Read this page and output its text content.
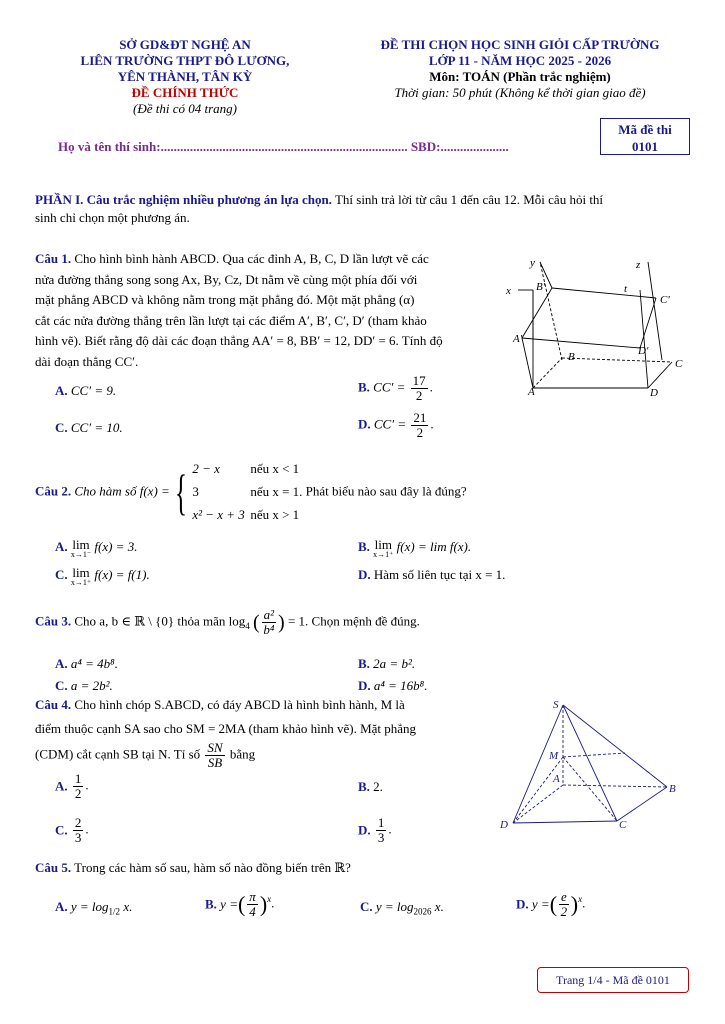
SỞ GD&ĐT NGHỆ AN
LIÊN TRƯỜNG THPT ĐÔ LƯƠNG,
YÊN THÀNH, TÂN KỲ
ĐỀ CHÍNH THỨC
(Đề thi có 04 trang)
ĐỀ THI CHỌN HỌC SINH GIỎI CẤP TRƯỜNG
LỚP 11 - NĂM HỌC 2025 - 2026
Môn: TOÁN (Phần trắc nghiệm)
Thời gian: 50 phút (Không kể thời gian giao đề)
Họ và tên thí sinh:............................................................................ SBD:.....................
Mã đề thi
0101
PHẦN I. Câu trắc nghiệm nhiều phương án lựa chọn. Thí sinh trả lời từ câu 1 đến câu 12. Mỗi câu hỏi thí
sinh chỉ chọn một phương án.
Câu 1. Cho hình bình hành ABCD. Qua các đỉnh A, B, C, D lần lượt vẽ các
nửa đường thẳng song song Ax, By, Cz, Dt nằm về cùng một phía đối với
mặt phẳng ABCD và không nằm trong mặt phẳng đó. Một mặt phẳng (α)
cắt các nửa đường thẳng trên lần lượt tại các điểm A′, B′, C′, D′ (tham khảo
hình vẽ). Biết rằng độ dài các đoạn thẳng AA′ = 8, BB′ = 12, DD′ = 6. Tính độ
dài đoạn thẳng CC′.
A. CC′ = 9.	B. $CC' = \frac{17}{2}$ .
C. CC′ = 10.	D. $CC' = \frac{21}{2}$ .
y	z
x	t
B′
C′
A′
D′
B
C
A	D
Câu 2. Cho hàm số f(x) = { 2 − x nếu x < 1
3	nếu x = 1.
x² − x + 3 nếu x > 1
Phát biểu nào sau đây là đúng?
A. lim
x→1⁻
f(x) = 3.	B. lim
x→1⁺
f(x) = lim f(x).
C. lim
x→1⁺
f(x) = f(1).	D. Hàm số liên tục tại x = 1.
Câu 3. Cho a, b ∈ ℝ \ {0} thỏa mãn $\log_4$ ( $\frac{\text{a²}}{\text{b⁴}}$ ) = 1. Chọn mệnh đề đúng.
A. a⁴ = 4b⁸.	B. 2a = b².
C. a = 2b².	D. a⁴ = 16b⁸.
Câu 4. Cho hình chóp S.ABCD, có đáy ABCD là hình bình hành, M là
điểm thuộc cạnh SA sao cho SM = 2MA (tham khảo hình vẽ). Mặt phẳng
(CDM) cắt cạnh SB tại N. Tỉ số $\frac{SN}{SB}$ bằng
A. $\frac{1}{2}$ .	B. 2.
C. $\frac{2}{3}$ .	D. $\frac{1}{3}$ .
S
M
A
B
D	C
Câu 5. Trong các hàm số sau, hàm số nào đồng biến trên ℝ?
A. $y = \log_{1/2} x$.	B. y =( $\frac{\pi}{4} )^x$.	C. $y = \log_{2026} x$.	D. y =( $\frac{e}{2} )^x$.
Trang 1/4 - Mã đề 0101
